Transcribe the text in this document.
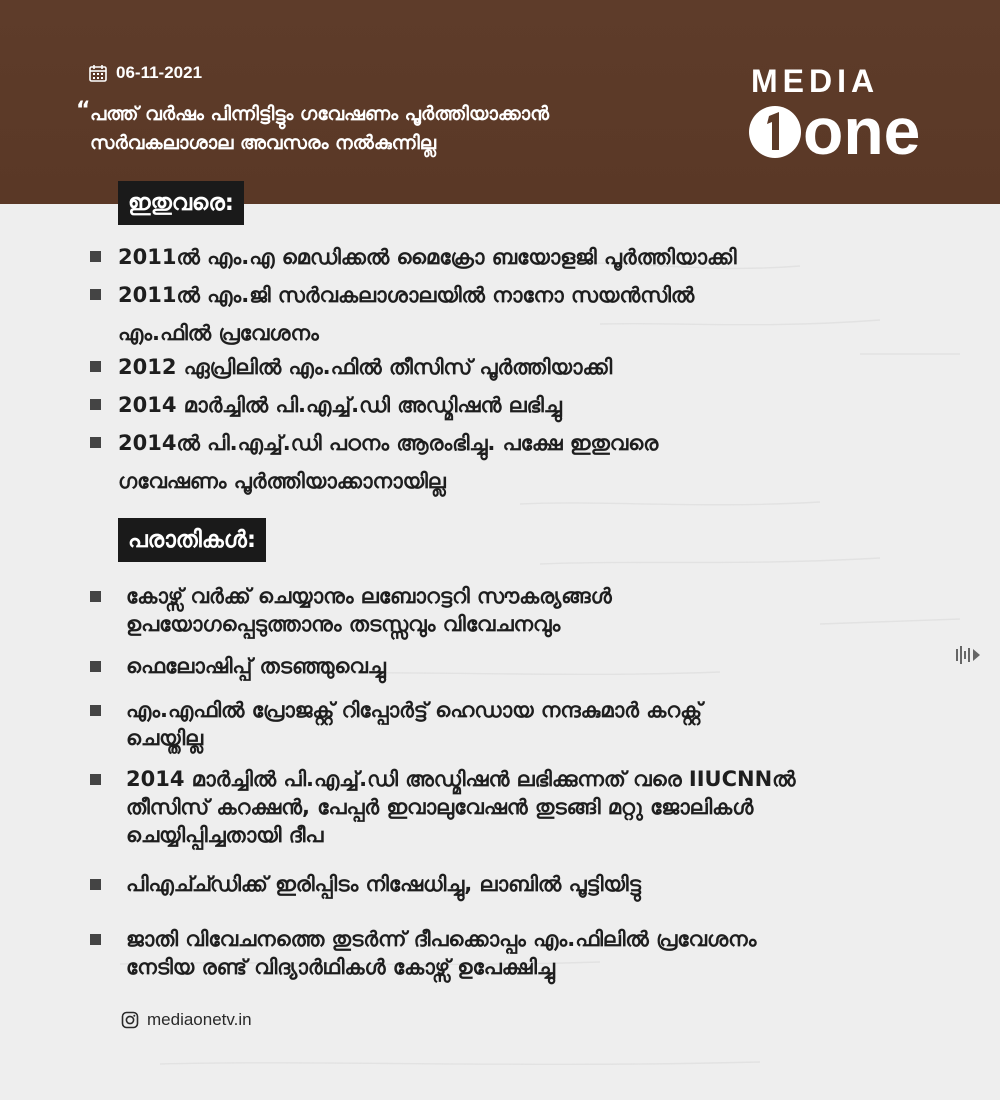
06-11-2021
“ പത്ത് വർഷം പിന്നിട്ടിട്ടും ഗവേഷണം പൂർത്തിയാക്കാൻ
സർവകലാശാല അവസരം നൽകുന്നില്ല
MEDIA
one
ഇതുവരെ:
2011ൽ എം.എ മെഡിക്കൽ മൈക്രോ ബയോളജി പൂർത്തിയാക്കി
2011ൽ എം.ജി സർവകലാശാലയിൽ നാനോ സയൻസിൽ
എം.ഫിൽ പ്രവേശനം
2012 ഏപ്രിലിൽ എം.ഫിൽ തീസിസ് പൂർത്തിയാക്കി
2014 മാർച്ചിൽ പി.എച്ച്.ഡി അഡ്മിഷൻ ലഭിച്ചു
2014ൽ പി.എച്ച്.ഡി പഠനം ആരംഭിച്ചു. പക്ഷേ ഇതുവരെ
ഗവേഷണം പൂർത്തിയാക്കാനായില്ല
പരാതികൾ:
കോഴ്സ് വർക്ക് ചെയ്യാനും ലബോറട്ടറി സൗകര്യങ്ങൾ
ഉപയോഗപ്പെടുത്താനും തടസ്സവും വിവേചനവും
ഫെലോഷിപ്പ് തടഞ്ഞുവെച്ചു
എം.എഫിൽ പ്രോജക്റ്റ് റിപ്പോർട്ട് ഹെഡായ നന്ദകുമാർ കറക്റ്റ്
ചെയ്തില്ല
2014 മാർച്ചിൽ പി.എച്ച്.ഡി അഡ്മിഷൻ ലഭിക്കുന്നത് വരെ IIUCNNൽ
തീസിസ് കറക്ഷൻ, പേപ്പർ ഇവാലുവേഷൻ തുടങ്ങി മറ്റു ജോലികൾ
ചെയ്യിപ്പിച്ചതായി ദീപ
പിഎച്ച്ഡിക്ക് ഇരിപ്പിടം നിഷേധിച്ചു, ലാബിൽ പൂട്ടിയിട്ടു
ജാതി വിവേചനത്തെ തുടർന്ന് ദീപക്കൊപ്പം എം.ഫിലിൽ പ്രവേശനം
നേടിയ രണ്ട് വിദ്യാർഥികൾ കോഴ്സ് ഉപേക്ഷിച്ചു
mediaonetv.in
